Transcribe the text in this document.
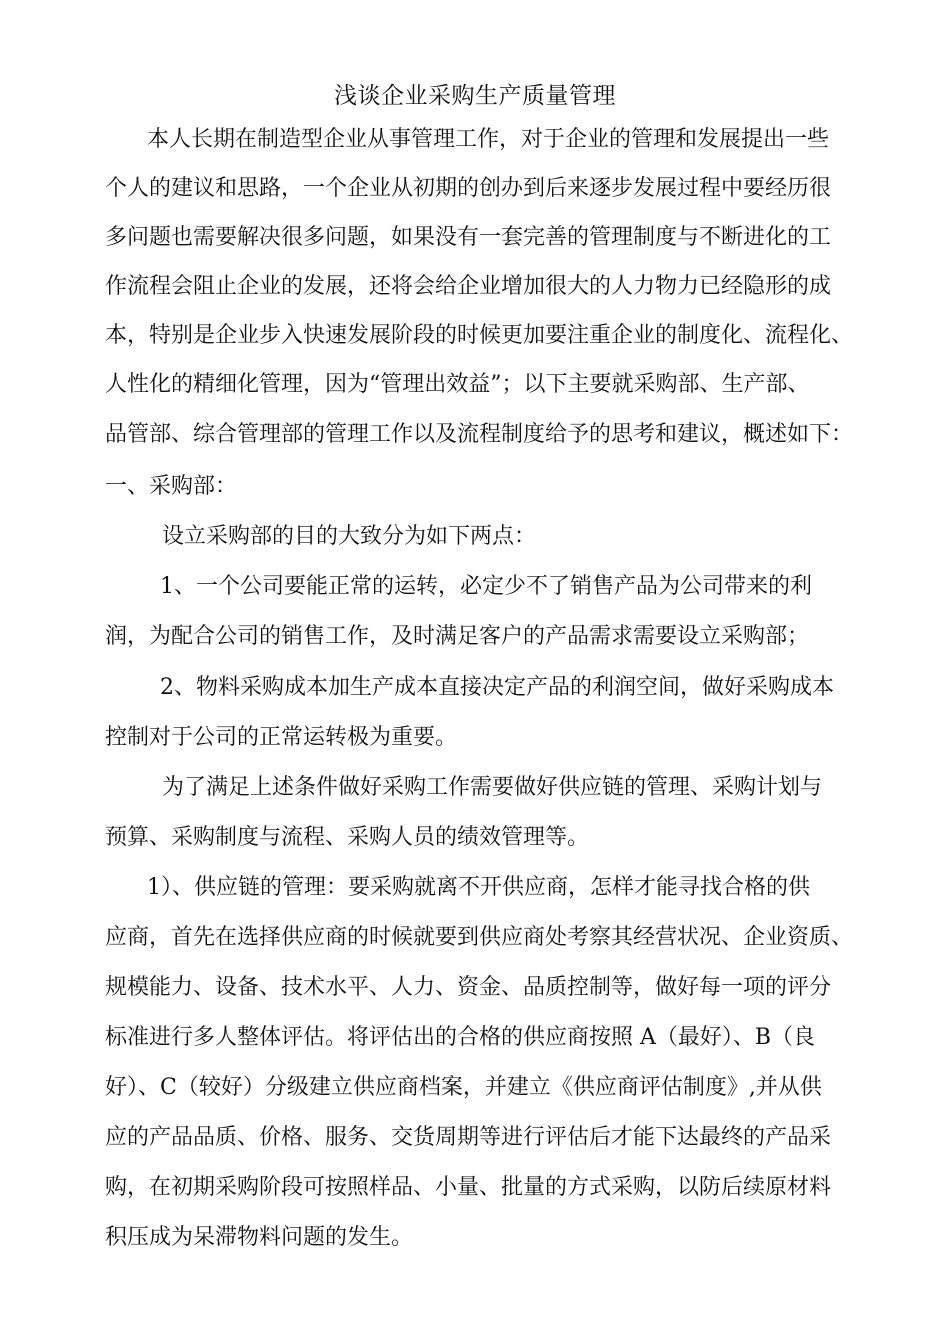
浅谈企业采购生产质量管理
本人长期在制造型企业从事管理工作，对于企业的管理和发展提出一些
个人的建议和思路，一个企业从初期的创办到后来逐步发展过程中要经历很
多问题也需要解决很多问题，如果没有一套完善的管理制度与不断进化的工
作流程会阻止企业的发展，还将会给企业增加很大的人力物力已经隐形的成
本，特别是企业步入快速发展阶段的时候更加要注重企业的制度化、流程化、
人性化的精细化管理，因为“管理出效益”；以下主要就采购部、生产部、
品管部、综合管理部的管理工作以及流程制度给予的思考和建议，概述如下：
一、采购部：
设立采购部的目的大致分为如下两点：
1、一个公司要能正常的运转，必定少不了销售产品为公司带来的利
润，为配合公司的销售工作，及时满足客户的产品需求需要设立采购部；
2、物料采购成本加生产成本直接决定产品的利润空间，做好采购成本
控制对于公司的正常运转极为重要。
为了满足上述条件做好采购工作需要做好供应链的管理、采购计划与
预算、采购制度与流程、采购人员的绩效管理等。
1）、供应链的管理：要采购就离不开供应商，怎样才能寻找合格的供
应商，首先在选择供应商的时候就要到供应商处考察其经营状况、企业资质、
规模能力、设备、技术水平、人力、资金、品质控制等，做好每一项的评分
标准进行多人整体评估。将评估出的合格的供应商按照 A（最好）、B（良
好）、C（较好）分级建立供应商档案，并建立《供应商评估制度》,并从供
应的产品品质、价格、服务、交货周期等进行评估后才能下达最终的产品采
购，在初期采购阶段可按照样品、小量、批量的方式采购，以防后续原材料
积压成为呆滞物料问题的发生。
